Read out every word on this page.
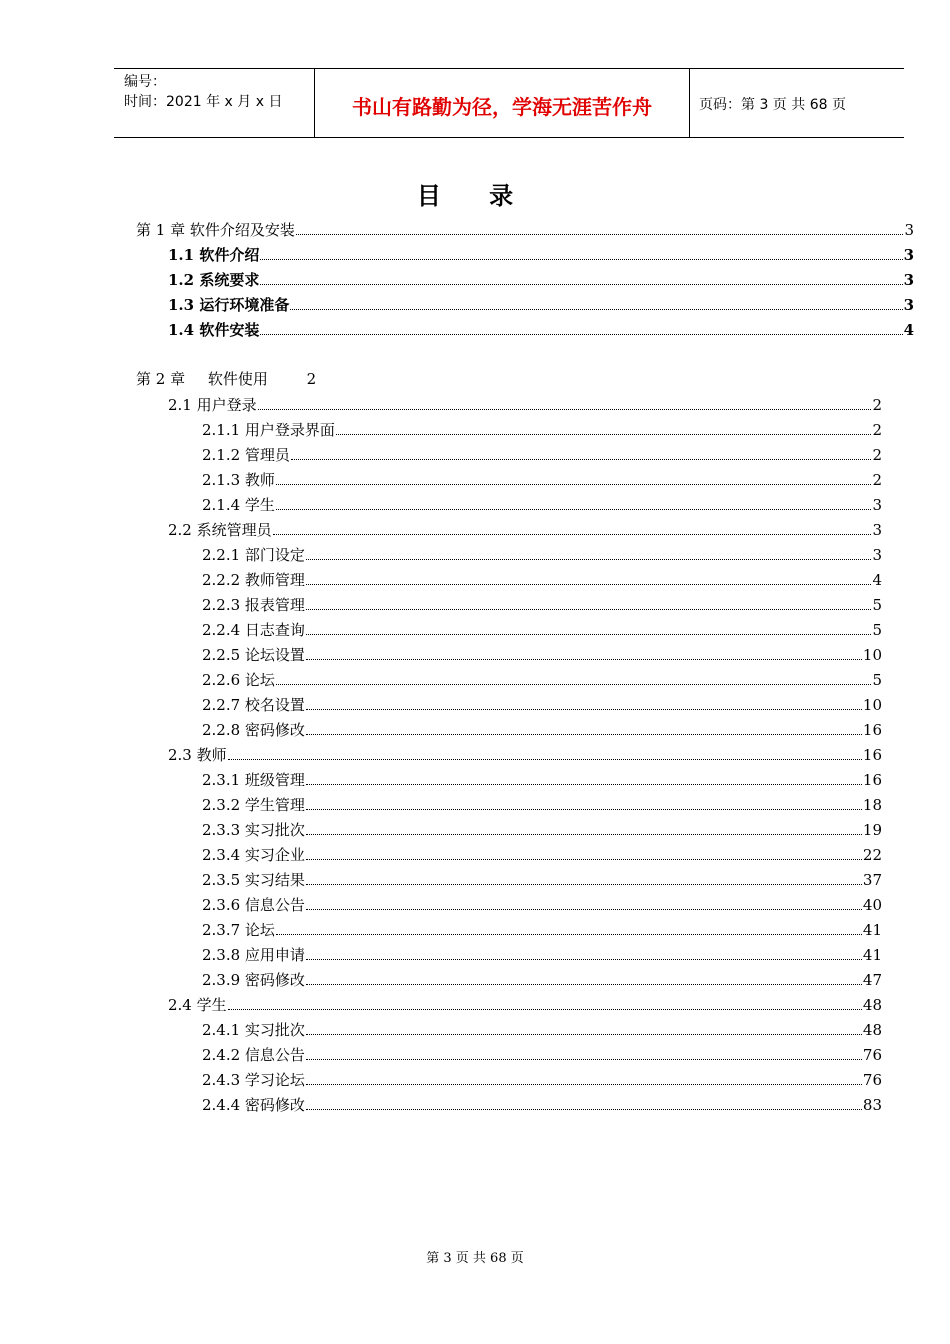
编号：
时间：2021 年 x 月 x 日	书山有路勤为径，学海无涯苦作舟	页码：第 3 页 共 68 页
目 录
第 1 章 软件介绍及安装	3
1.1 软件介绍	3
1.2 系统要求	3
1.3 运行环境准备	3
1.4 软件安装	4
第 2 章 软件使用	2
2.1 用户登录	2
2.1.1 用户登录界面	2
2.1.2 管理员	2
2.1.3 教师	2
2.1.4 学生	3
2.2 系统管理员	3
2.2.1 部门设定	3
2.2.2 教师管理	4
2.2.3 报表管理	5
2.2.4 日志查询	5
2.2.5 论坛设置	10
2.2.6 论坛	5
2.2.7 校名设置	10
2.2.8 密码修改	16
2.3 教师	16
2.3.1 班级管理	16
2.3.2 学生管理	18
2.3.3 实习批次	19
2.3.4 实习企业	22
2.3.5 实习结果	37
2.3.6 信息公告	40
2.3.7 论坛	41
2.3.8 应用申请	41
2.3.9 密码修改	47
2.4 学生	48
2.4.1 实习批次	48
2.4.2 信息公告	76
2.4.3 学习论坛	76
2.4.4 密码修改	83
第 3 页 共 68 页
